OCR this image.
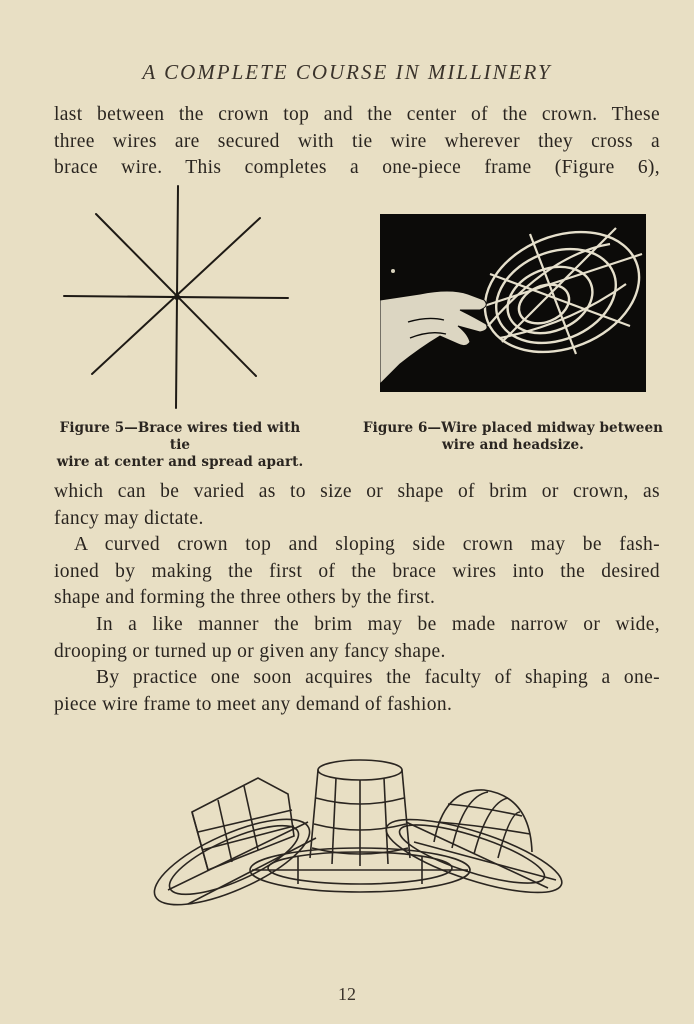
A COMPLETE COURSE IN MILLINERY

last between the crown top and the center of the crown. These
three wires are secured with tie wire wherever they cross a
brace wire. This completes a one-piece frame (Figure 6),

Figure 5—Brace wires tied with tie
wire at center and spread apart.
Figure 6—Wire placed midway between
wire and headsize.

which can be varied as to size or shape of brim or crown, as
fancy may dictate.

A curved crown top and sloping side crown may be fash-
ioned by making the first of the brace wires into the desired
shape and forming the three others by the first.

In a like manner the brim may be made narrow or wide,
drooping or turned up or given any fancy shape.

By practice one soon acquires the faculty of shaping a one-
piece wire frame to meet any demand of fashion.

12
